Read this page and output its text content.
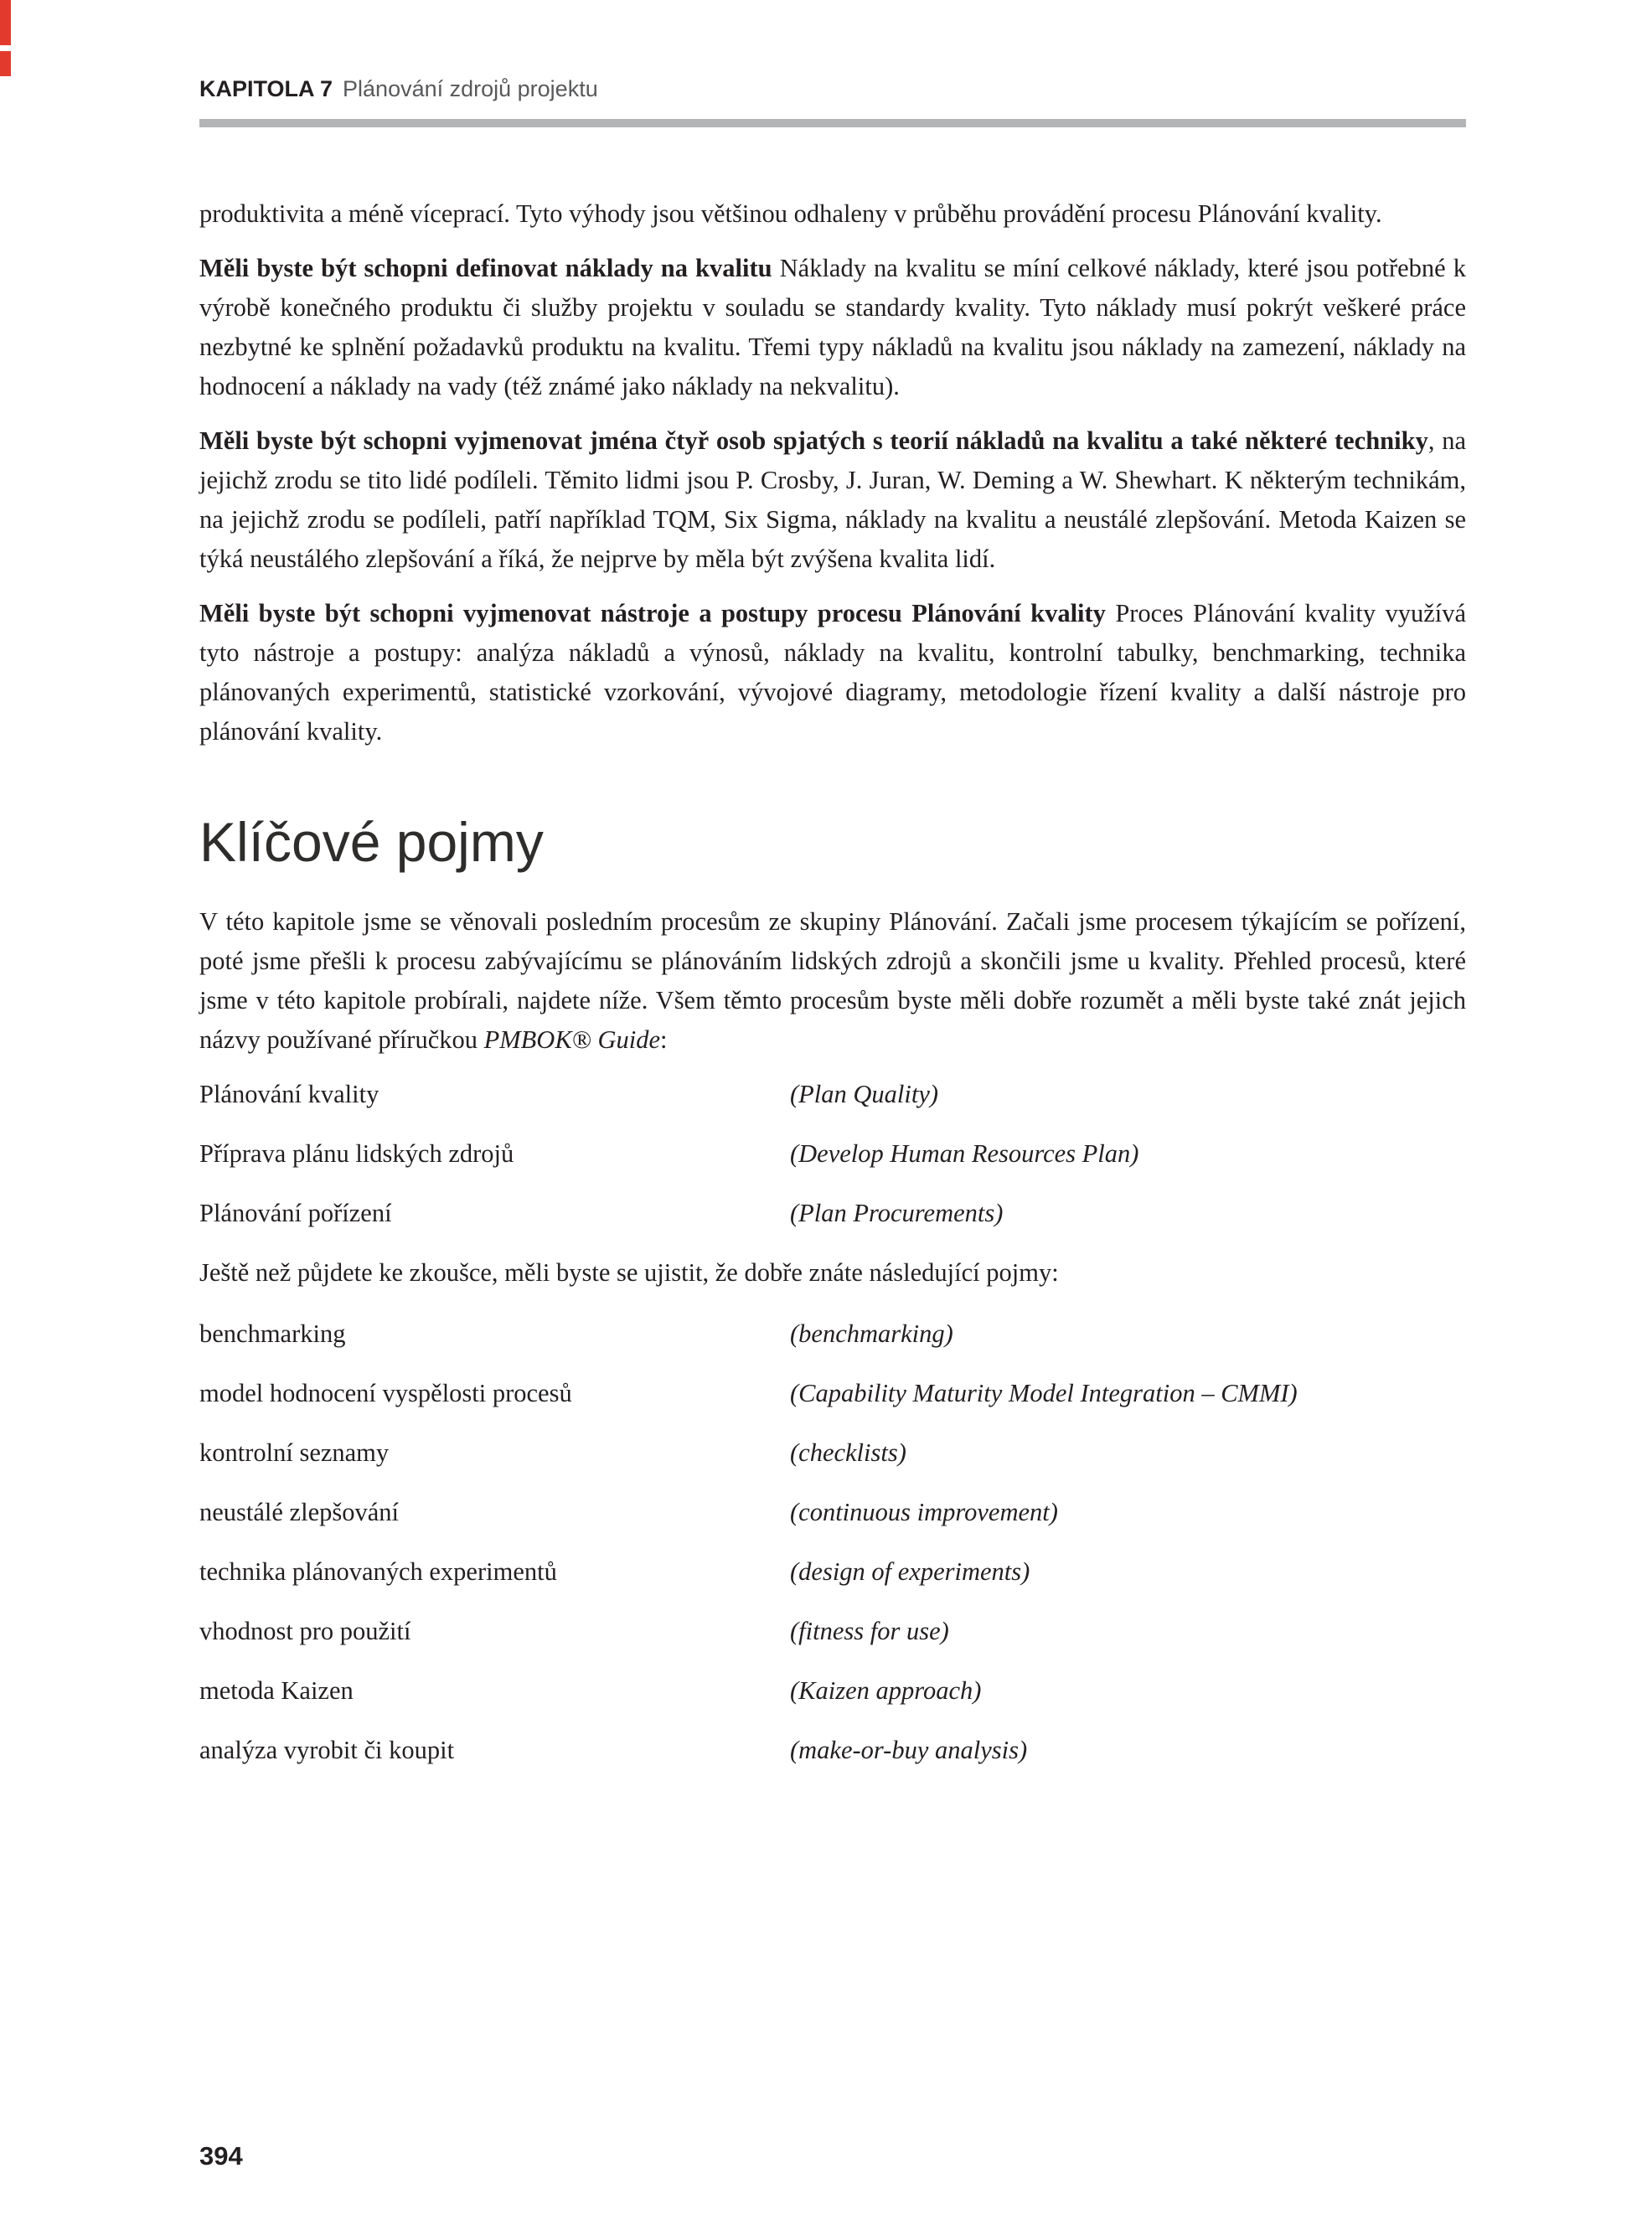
KAPITOLA 7 Plánování zdrojů projektu

produktivita a méně víceprací. Tyto výhody jsou většinou odhaleny v průběhu provádění procesu Plánování kvality.

Měli byste být schopni definovat náklady na kvalitu Náklady na kvalitu se míní celkové náklady, které jsou potřebné k výrobě konečného produktu či služby projektu v souladu se standardy kvality. Tyto náklady musí pokrýt veškeré práce nezbytné ke splnění požadavků produktu na kvalitu. Třemi typy nákladů na kvalitu jsou náklady na zamezení, náklady na hodnocení a náklady na vady (též známé jako náklady na nekvalitu).

Měli byste být schopni vyjmenovat jména čtyř osob spjatých s teorií nákladů na kvalitu a také některé techniky, na jejichž zrodu se tito lidé podíleli. Těmito lidmi jsou P. Crosby, J. Juran, W. Deming a W. Shewhart. K některým technikám, na jejichž zrodu se podíleli, patří například TQM, Six Sigma, náklady na kvalitu a neustálé zlepšování. Metoda Kaizen se týká neustálého zlepšování a říká, že nejprve by měla být zvýšena kvalita lidí.

Měli byste být schopni vyjmenovat nástroje a postupy procesu Plánování kvality Proces Plánování kvality využívá tyto nástroje a postupy: analýza nákladů a výnosů, náklady na kvalitu, kontrolní tabulky, benchmarking, technika plánovaných experimentů, statistické vzorkování, vývojové diagramy, metodologie řízení kvality a další nástroje pro plánování kvality.

Klíčové pojmy

V této kapitole jsme se věnovali posledním procesům ze skupiny Plánování. Začali jsme procesem týkajícím se pořízení, poté jsme přešli k procesu zabývajícímu se plánováním lidských zdrojů a skončili jsme u kvality. Přehled procesů, které jsme v této kapitole probírali, najdete níže. Všem těmto procesům byste měli dobře rozumět a měli byste také znát jejich názvy používané příručkou PMBOK® Guide:

Plánování kvality	(Plan Quality)
Příprava plánu lidských zdrojů	(Develop Human Resources Plan)
Plánování pořízení	(Plan Procurements)

Ještě než půjdete ke zkoušce, měli byste se ujistit, že dobře znáte následující pojmy:

benchmarking	(benchmarking)
model hodnocení vyspělosti procesů	(Capability Maturity Model Integration – CMMI)
kontrolní seznamy	(checklists)
neustálé zlepšování	(continuous improvement)
technika plánovaných experimentů	(design of experiments)
vhodnost pro použití	(fitness for use)
metoda Kaizen	(Kaizen approach)
analýza vyrobit či koupit	(make-or-buy analysis)
394
